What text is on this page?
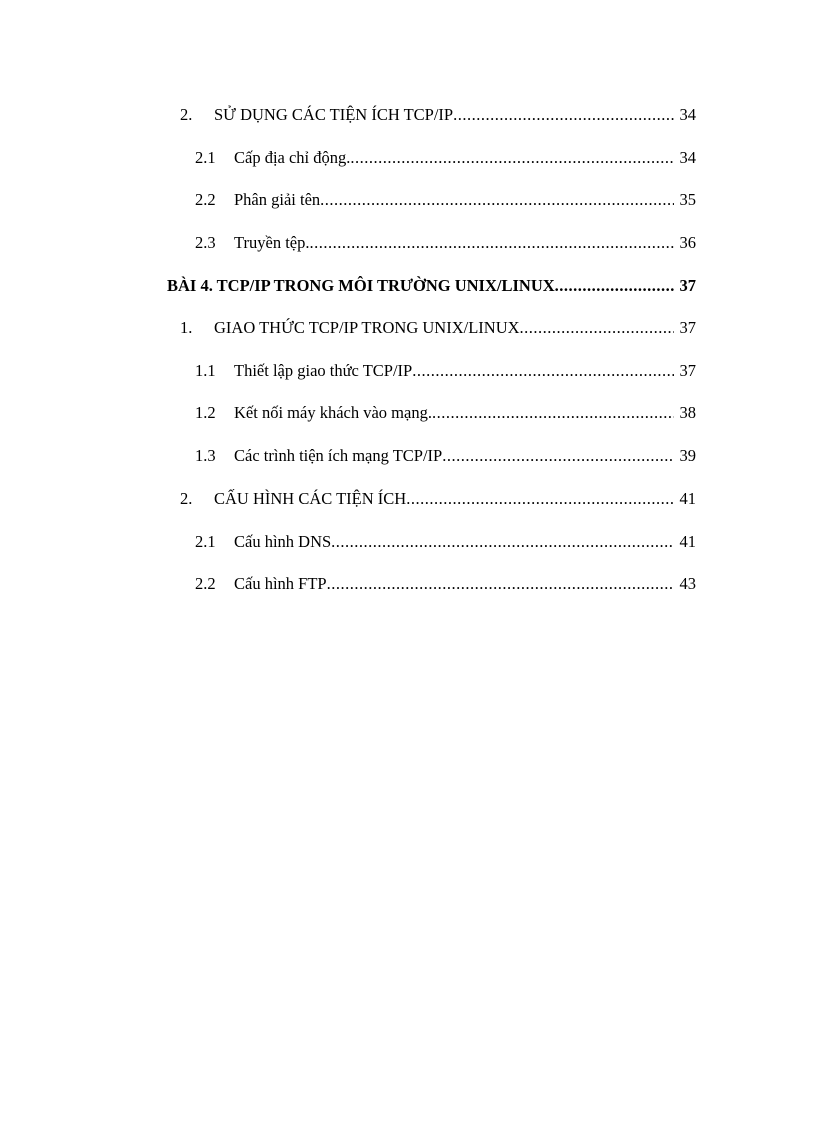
2. SỬ DỤNG CÁC TIỆN ÍCH TCP/IP .....	34
2.1 Cấp địa chỉ động. .....	34
2.2 Phân giải tên .....	35
2.3 Truyền tệp. .....	36
BÀI 4. TCP/IP TRONG MÔI TRƯỜNG UNIX/LINUX .....	37
1. GIAO THỨC TCP/IP TRONG UNIX/LINUX .....	37
1.1 Thiết lập giao thức TCP/IP .....	37
1.2 Kết nối máy khách vào mạng. .....	38
1.3 Các trình tiện ích mạng TCP/IP .....	39
2. CẤU HÌNH CÁC TIỆN ÍCH .....	41
2.1 Cấu hình DNS .....	41
2.2 Cấu hình FTP .....	43
